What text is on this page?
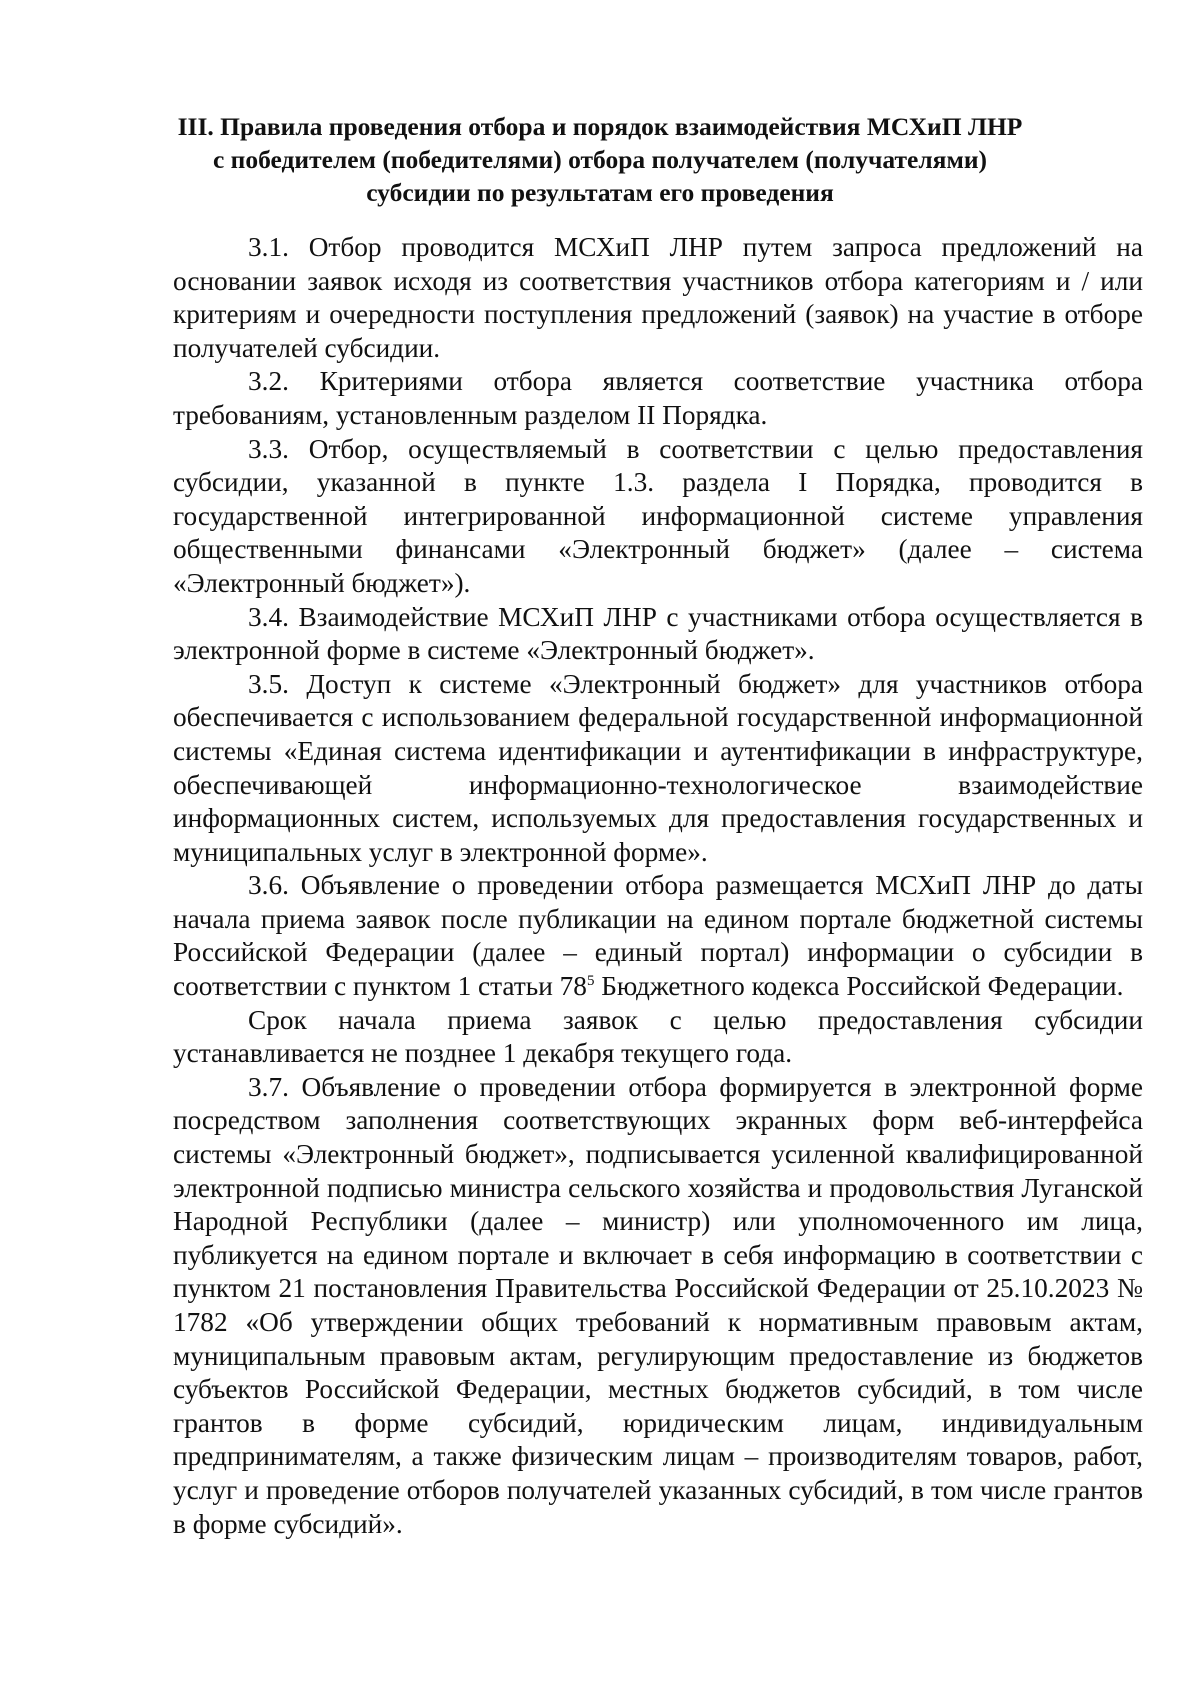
III. Правила проведения отбора и порядок взаимодействия МСХиП ЛНР
с победителем (победителями) отбора получателем (получателями)
субсидии по результатам его проведения

3.1. Отбор проводится МСХиП ЛНР путем запроса предложений на основании заявок исходя из соответствия участников отбора категориям и / или критериям и очередности поступления предложений (заявок) на участие в отборе получателей субсидии.

3.2. Критериями отбора является соответствие участника отбора требованиям, установленным разделом II Порядка.

3.3. Отбор, осуществляемый в соответствии с целью предоставления субсидии, указанной в пункте 1.3. раздела I Порядка, проводится в государственной интегрированной информационной системе управления общественными финансами «Электронный бюджет» (далее – система «Электронный бюджет»).

3.4. Взаимодействие МСХиП ЛНР с участниками отбора осуществляется в электронной форме в системе «Электронный бюджет».

3.5. Доступ к системе «Электронный бюджет» для участников отбора обеспечивается с использованием федеральной государственной информационной системы «Единая система идентификации и аутентификации в инфраструктуре, обеспечивающей информационно-технологическое взаимодействие информационных систем, используемых для предоставления государственных и муниципальных услуг в электронной форме».

3.6. Объявление о проведении отбора размещается МСХиП ЛНР до даты начала приема заявок после публикации на едином портале бюджетной системы Российской Федерации (далее – единый портал) информации о субсидии в соответствии с пунктом 1 статьи $78^5$ Бюджетного кодекса Российской Федерации.

Срок начала приема заявок с целью предоставления субсидии устанавливается не позднее 1 декабря текущего года.

3.7. Объявление о проведении отбора формируется в электронной форме посредством заполнения соответствующих экранных форм веб-интерфейса системы «Электронный бюджет», подписывается усиленной квалифицированной электронной подписью министра сельского хозяйства и продовольствия Луганской Народной Республики (далее – министр) или уполномоченного им лица, публикуется на едином портале и включает в себя информацию в соответствии с пунктом 21 постановления Правительства Российской Федерации от 25.10.2023 № 1782 «Об утверждении общих требований к нормативным правовым актам, муниципальным правовым актам, регулирующим предоставление из бюджетов субъектов Российской Федерации, местных бюджетов субсидий, в том числе грантов в форме субсидий, юридическим лицам, индивидуальным предпринимателям, а также физическим лицам – производителям товаров, работ, услуг и проведение отборов получателей указанных субсидий, в том числе грантов в форме субсидий».
